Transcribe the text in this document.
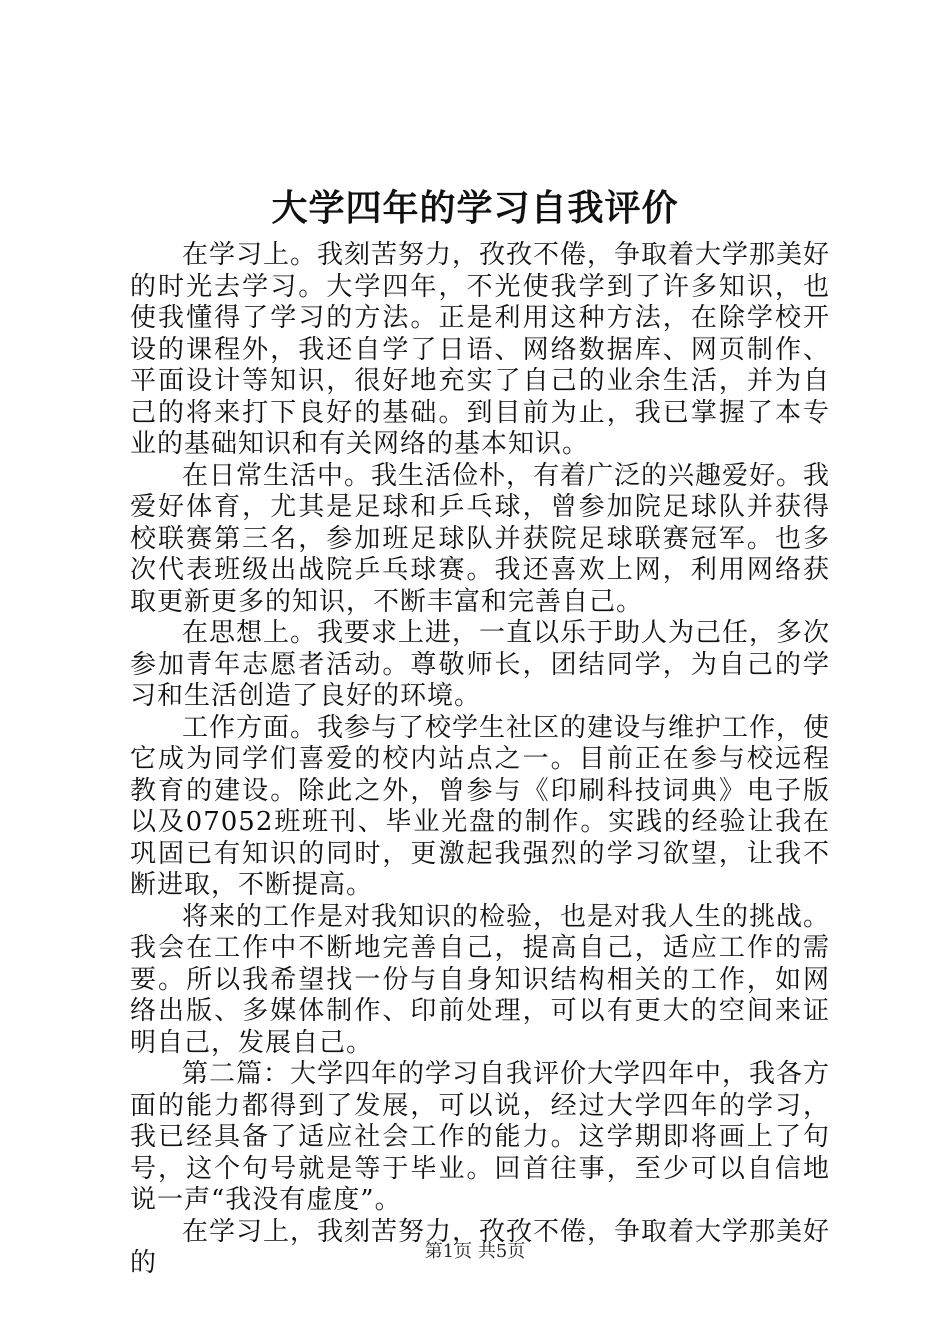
大学四年的学习自我评价

在学习上。我刻苦努力，孜孜不倦，争取着大学那美好的时光去学习。大学四年，不光使我学到了许多知识，也使我懂得了学习的方法。正是利用这种方法，在除学校开设的课程外，我还自学了日语、网络数据库、网页制作、平面设计等知识，很好地充实了自己的业余生活，并为自己的将来打下良好的基础。到目前为止，我已掌握了本专业的基础知识和有关网络的基本知识。

在日常生活中。我生活俭朴，有着广泛的兴趣爱好。我爱好体育，尤其是足球和乒乓球，曾参加院足球队并获得校联赛第三名，参加班足球队并获院足球联赛冠军。也多次代表班级出战院乒乓球赛。我还喜欢上网，利用网络获取更新更多的知识，不断丰富和完善自己。

在思想上。我要求上进，一直以乐于助人为己任，多次参加青年志愿者活动。尊敬师长，团结同学，为自己的学习和生活创造了良好的环境。

工作方面。我参与了校学生社区的建设与维护工作，使它成为同学们喜爱的校内站点之一。目前正在参与校远程教育的建设。除此之外，曾参与《印刷科技词典》电子版以及07052班班刊、毕业光盘的制作。实践的经验让我在巩固已有知识的同时，更激起我强烈的学习欲望，让我不断进取，不断提高。

将来的工作是对我知识的检验，也是对我人生的挑战。我会在工作中不断地完善自己，提高自己，适应工作的需要。所以我希望找一份与自身知识结构相关的工作，如网络出版、多媒体制作、印前处理，可以有更大的空间来证明自己，发展自己。

第二篇：大学四年的学习自我评价大学四年中，我各方面的能力都得到了发展，可以说，经过大学四年的学习，我已经具备了适应社会工作的能力。这学期即将画上了句号，这个句号就是等于毕业。回首往事，至少可以自信地说一声“我没有虚度”。

在学习上，我刻苦努力，孜孜不倦，争取着大学那美好的	第1页 共5页
